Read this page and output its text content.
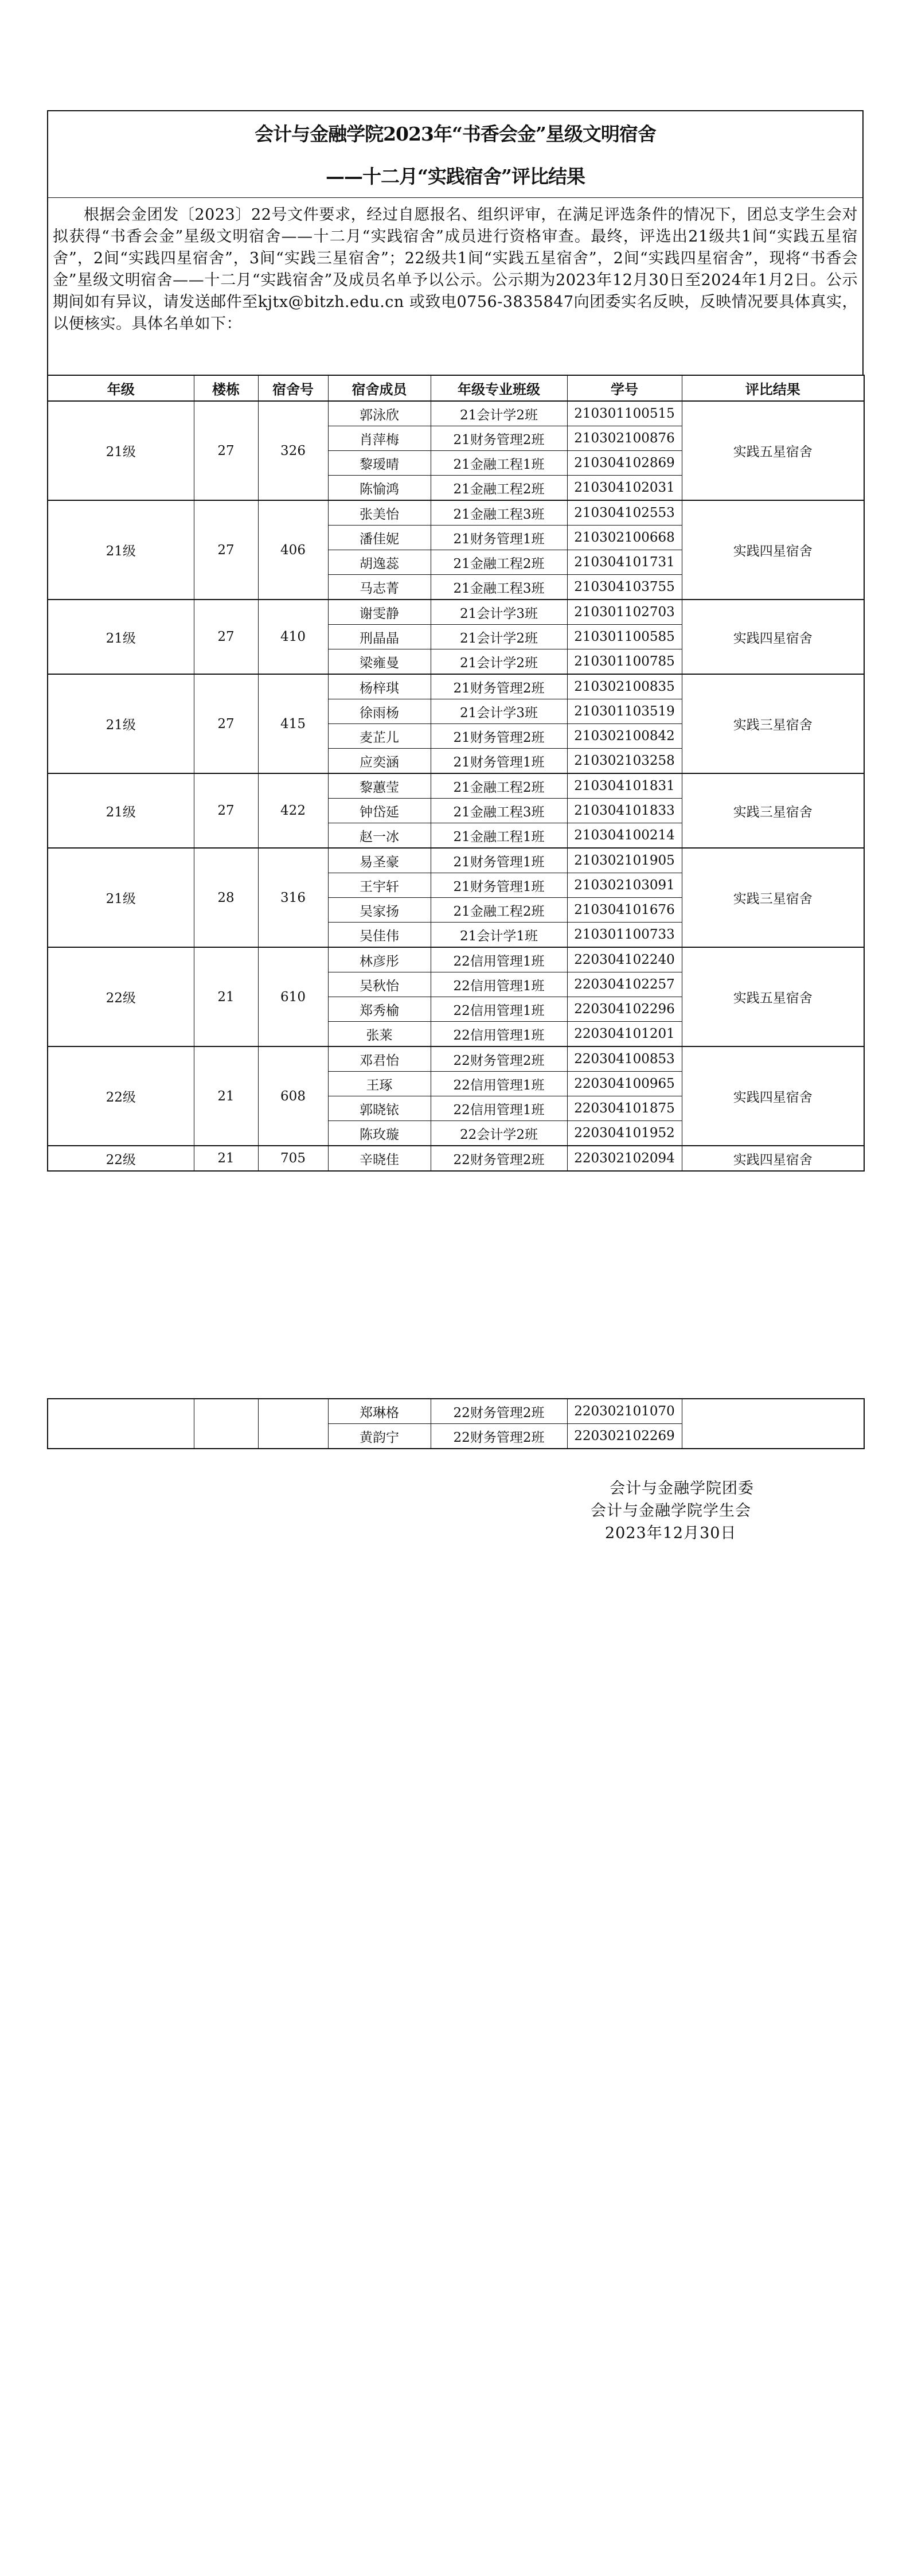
会计与金融学院2023年“书香会金”星级文明宿舍
——十二月“实践宿舍”评比结果

根据会金团发〔2023〕22号文件要求，经过自愿报名、组织评审，在满足评选条件的情况下，团总支学生会对拟获得“书香会金”星级文明宿舍——十二月“实践宿舍”成员进行资格审查。最终，评选出21级共1间“实践五星宿舍”，2间“实践四星宿舍”，3间“实践三星宿舍”；22级共1间“实践五星宿舍”，2间“实践四星宿舍”，现将“书香会金”星级文明宿舍——十二月“实践宿舍”及成员名单予以公示。公示期为2023年12月30日至2024年1月2日。公示期间如有异议，请发送邮件至kjtx@bitzh.edu.cn 或致电0756-3835847向团委实名反映，反映情况要具体真实，以便核实。具体名单如下：

年级	楼栋	宿舍号	宿舍成员	年级专业班级	学号	评比结果
21级	27	326	郭泳欣	21会计学2班	210301100515	实践五星宿舍
			肖萍梅	21财务管理2班	210302100876	
			黎瑷晴	21金融工程1班	210304102869	
			陈愉鸿	21金融工程2班	210304102031	
21级	27	406	张美怡	21金融工程3班	210304102553	实践四星宿舍
			潘佳妮	21财务管理1班	210302100668	
			胡逸蕊	21金融工程2班	210304101731	
			马志菁	21金融工程3班	210304103755	
21级	27	410	谢雯静	21会计学3班	210301102703	实践四星宿舍
			刑晶晶	21会计学2班	210301100585	
			梁雍曼	21会计学2班	210301100785	
21级	27	415	杨梓琪	21财务管理2班	210302100835	实践三星宿舍
			徐雨杨	21会计学3班	210301103519	
			麦芷儿	21财务管理2班	210302100842	
			应奕涵	21财务管理1班	210302103258	
21级	27	422	黎蕙莹	21金融工程2班	210304101831	实践三星宿舍
			钟岱延	21金融工程3班	210304101833	
			赵一冰	21金融工程1班	210304100214	
21级	28	316	易圣豪	21财务管理1班	210302101905	实践三星宿舍
			王宇轩	21财务管理1班	210302103091	
			吴家扬	21金融工程2班	210304101676	
			吴佳伟	21会计学1班	210301100733	
22级	21	610	林彦彤	22信用管理1班	220304102240	实践五星宿舍
			吴秋怡	22信用管理1班	220304102257	
			郑秀榆	22信用管理1班	220304102296	
			张莱	22信用管理1班	220304101201	
22级	21	608	邓君怡	22财务管理2班	220304100853	实践四星宿舍
			王琢	22信用管理1班	220304100965	
			郭晓铱	22信用管理1班	220304101875	
			陈玫璇	22会计学2班	220304101952	
22级	21	705	辛晓佳	22财务管理2班	220302102094	实践四星宿舍
			郑琳格	22财务管理2班	220302101070	
			黄韵宁	22财务管理2班	220302102269	
会计与金融学院团委
会计与金融学院学生会
2023年12月30日
